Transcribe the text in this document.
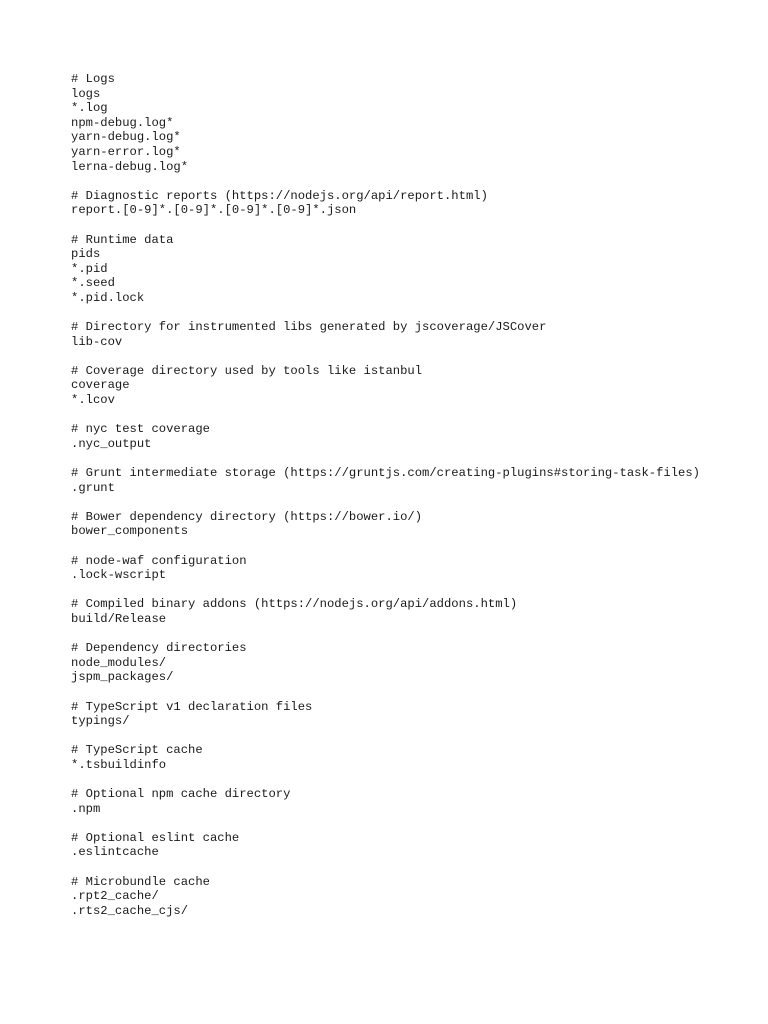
# Logs
logs
*.log
npm-debug.log*
yarn-debug.log*
yarn-error.log*
lerna-debug.log*
# Diagnostic reports (https://nodejs.org/api/report.html)
report.[0-9]*.[0-9]*.[0-9]*.[0-9]*.json
# Runtime data
pids
*.pid
*.seed
*.pid.lock
# Directory for instrumented libs generated by jscoverage/JSCover
lib-cov
# Coverage directory used by tools like istanbul
coverage
*.lcov
# nyc test coverage
.nyc_output
# Grunt intermediate storage (https://gruntjs.com/creating-plugins#storing-task-files)
.grunt
# Bower dependency directory (https://bower.io/)
bower_components
# node-waf configuration
.lock-wscript
# Compiled binary addons (https://nodejs.org/api/addons.html)
build/Release
# Dependency directories
node_modules/
jspm_packages/
# TypeScript v1 declaration files
typings/
# TypeScript cache
*.tsbuildinfo
# Optional npm cache directory
.npm
# Optional eslint cache
.eslintcache
# Microbundle cache
.rpt2_cache/
.rts2_cache_cjs/
